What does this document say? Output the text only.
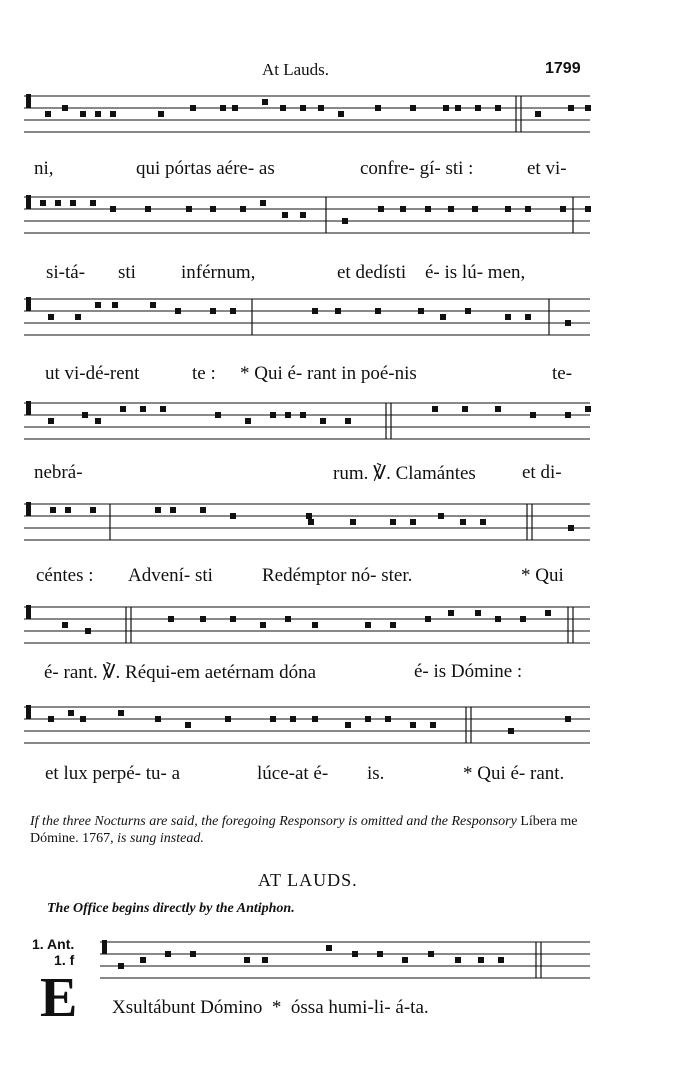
At Lauds.	1799
ni,	qui pórtas aére- as	confre- gí- sti :	et vi-
si-tá- sti inférnum,	et dedísti é- is lú- men,
ut vi-dé-rent	te : * Qui é- rant in poé-nis	te-
nebrá-	rum. ℣. Clamántes et di-
céntes : Advení- sti	Redémptor nó- ster.	* Qui
é- rant. ℣. Réqui-em aetérnam dóna	é- is Dómine :
et lux perpé- tu- a	lúce-at é- is.	* Qui é- rant.
If the three Nocturns are said, the foregoing Responsory is omitted and the Responsory Líbera me Dómine. 1767, is sung instead.
AT LAUDS.
The Office begins directly by the Antiphon.
1. Ant.
1. f
E Xsultábunt Dómino  *  óssa humi-li- á-ta.
